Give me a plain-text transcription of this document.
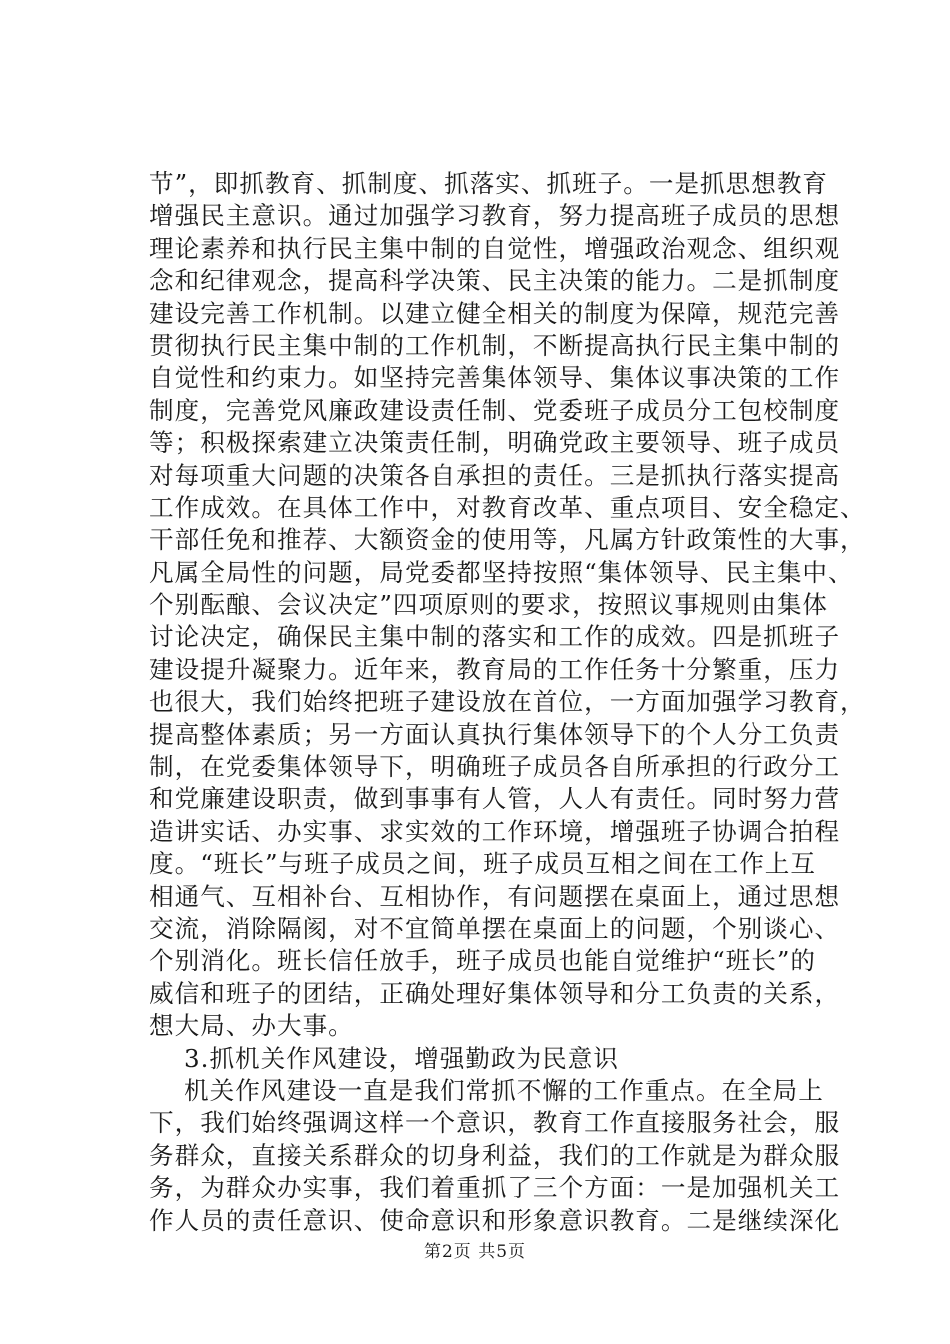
节”，即抓教育、抓制度、抓落实、抓班子。一是抓思想教育
增强民主意识。通过加强学习教育，努力提高班子成员的思想
理论素养和执行民主集中制的自觉性，增强政治观念、组织观
念和纪律观念，提高科学决策、民主决策的能力。二是抓制度
建设完善工作机制。以建立健全相关的制度为保障，规范完善
贯彻执行民主集中制的工作机制，不断提高执行民主集中制的
自觉性和约束力。如坚持完善集体领导、集体议事决策的工作
制度，完善党风廉政建设责任制、党委班子成员分工包校制度
等；积极探索建立决策责任制，明确党政主要领导、班子成员
对每项重大问题的决策各自承担的责任。三是抓执行落实提高
工作成效。在具体工作中，对教育改革、重点项目、安全稳定、
干部任免和推荐、大额资金的使用等，凡属方针政策性的大事，
凡属全局性的问题，局党委都坚持按照“集体领导、民主集中、
个别酝酿、会议决定”四项原则的要求，按照议事规则由集体
讨论决定，确保民主集中制的落实和工作的成效。四是抓班子
建设提升凝聚力。近年来，教育局的工作任务十分繁重，压力
也很大，我们始终把班子建设放在首位，一方面加强学习教育，
提高整体素质；另一方面认真执行集体领导下的个人分工负责
制，在党委集体领导下，明确班子成员各自所承担的行政分工
和党廉建设职责，做到事事有人管，人人有责任。同时努力营
造讲实话、办实事、求实效的工作环境，增强班子协调合拍程
度。“班长”与班子成员之间，班子成员互相之间在工作上互
相通气、互相补台、互相协作，有问题摆在桌面上，通过思想
交流，消除隔阂，对不宜简单摆在桌面上的问题，个别谈心、
个别消化。班长信任放手，班子成员也能自觉维护“班长”的
威信和班子的团结，正确处理好集体领导和分工负责的关系，
想大局、办大事。
3.抓机关作风建设，增强勤政为民意识
机关作风建设一直是我们常抓不懈的工作重点。在全局上
下，我们始终强调这样一个意识，教育工作直接服务社会，服
务群众，直接关系群众的切身利益，我们的工作就是为群众服
务，为群众办实事，我们着重抓了三个方面：一是加强机关工
作人员的责任意识、使命意识和形象意识教育。二是继续深化
第2页 共5页
